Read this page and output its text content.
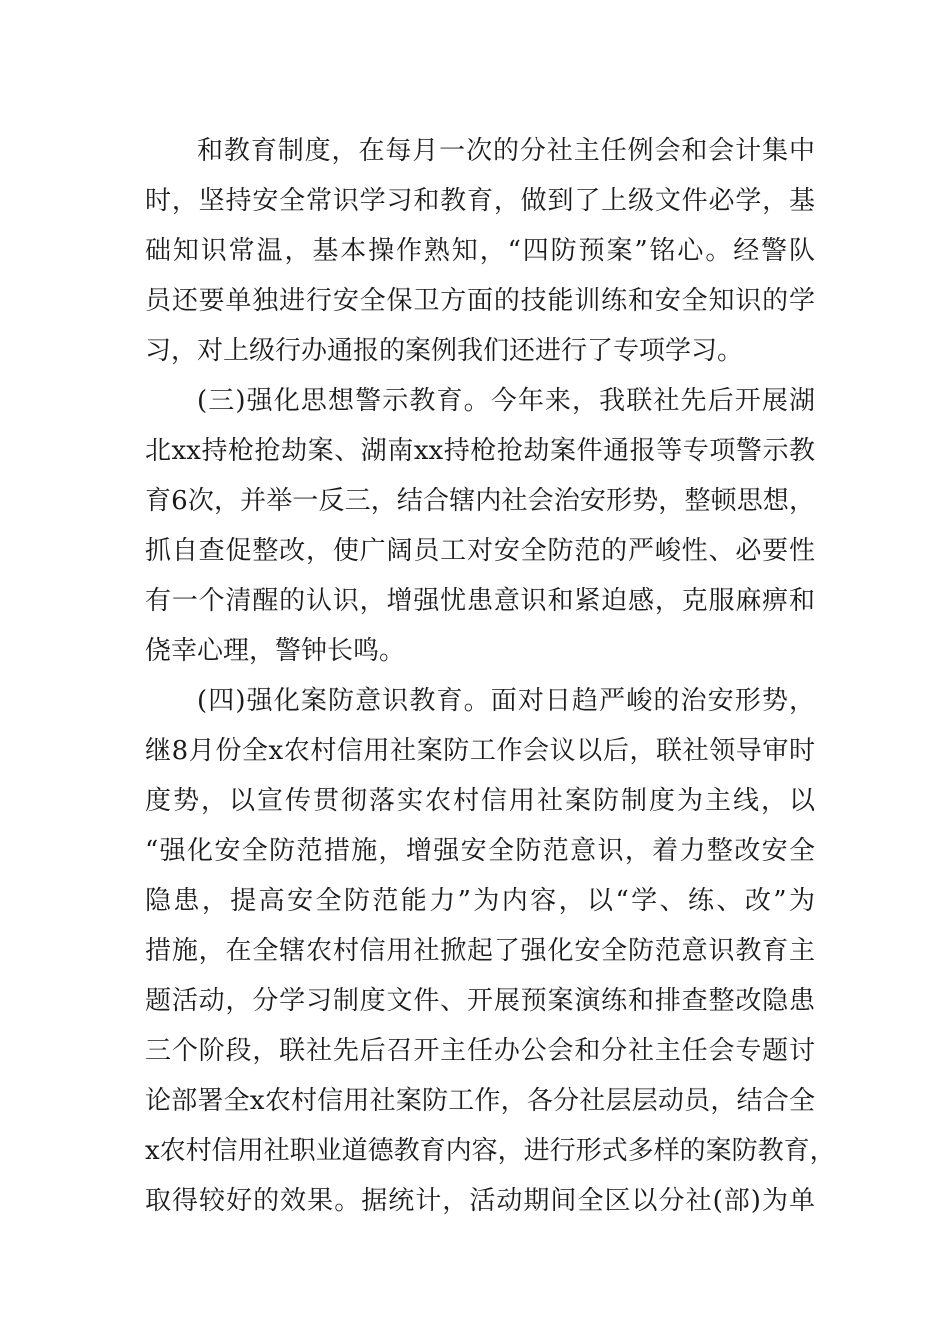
和教育制度，在每月一次的分社主任例会和会计集中
时，坚持安全常识学习和教育，做到了上级文件必学，基
础知识常温，基本操作熟知，“四防预案”铭心。经警队
员还要单独进行安全保卫方面的技能训练和安全知识的学
习，对上级行办通报的案例我们还进行了专项学习。
(三)强化思想警示教育。今年来，我联社先后开展湖
北xx持枪抢劫案、湖南xx持枪抢劫案件通报等专项警示教
育6次，并举一反三，结合辖内社会治安形势，整顿思想，
抓自查促整改，使广阔员工对安全防范的严峻性、必要性
有一个清醒的认识，增强忧患意识和紧迫感，克服麻痹和
侥幸心理，警钟长鸣。
(四)强化案防意识教育。面对日趋严峻的治安形势，
继8月份全x农村信用社案防工作会议以后，联社领导审时
度势，以宣传贯彻落实农村信用社案防制度为主线，以
“强化安全防范措施，增强安全防范意识，着力整改安全
隐患，提高安全防范能力”为内容，以“学、练、改”为
措施，在全辖农村信用社掀起了强化安全防范意识教育主
题活动，分学习制度文件、开展预案演练和排查整改隐患
三个阶段，联社先后召开主任办公会和分社主任会专题讨
论部署全x农村信用社案防工作，各分社层层动员，结合全
x农村信用社职业道德教育内容，进行形式多样的案防教育，
取得较好的效果。据统计，活动期间全区以分社(部)为单
